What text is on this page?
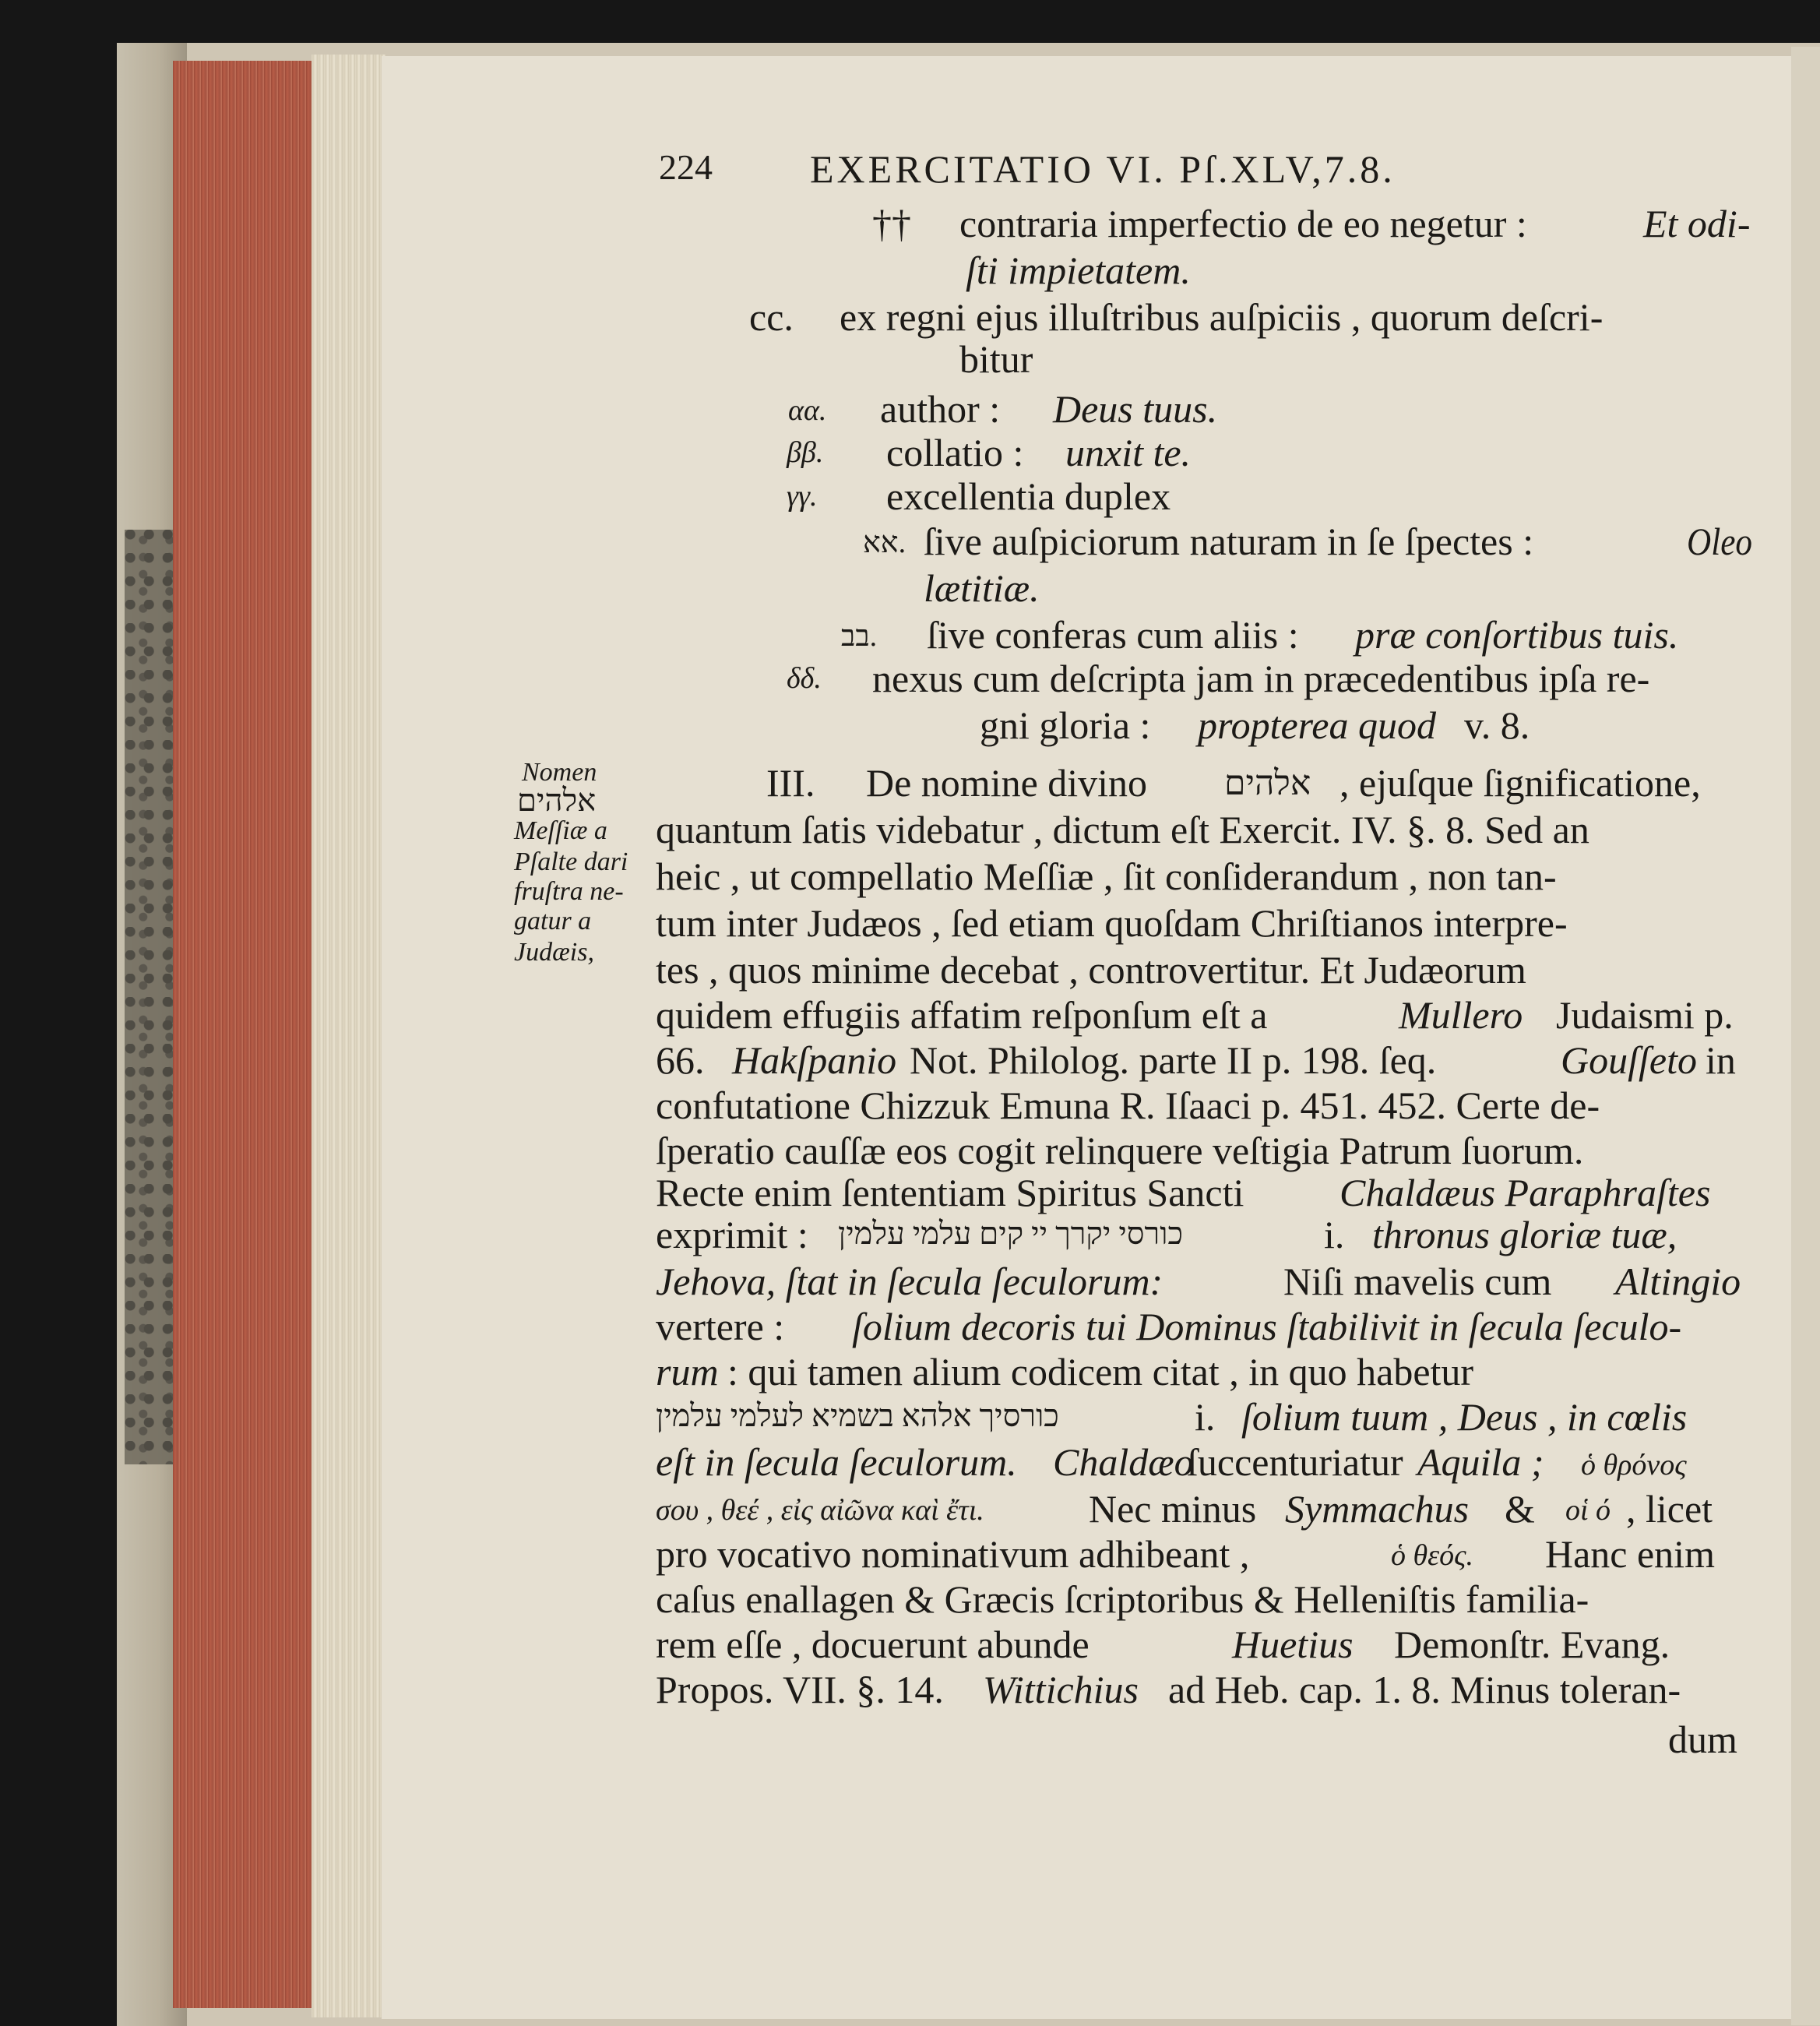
224	EXERCITATIO VI. Pſ.XLV,7.8.
†† contraria imperfectio de eo negetur :	Et odi-
ſti impietatem.
cc. ex regni ejus illuſtribus auſpiciis , quorum deſcri-
bitur
αα. author : Deus tuus.
ββ. collatio : unxit te.
γγ. excellentia duplex
אא. ſive auſpiciorum naturam in ſe ſpectes :	Oleo
lætitiæ.
בב. ſive conferas cum aliis : præ conſortibus tuis.
δδ. nexus cum deſcripta jam in præcedentibus ipſa re-
gni gloria : propterea quod v. 8.
Nomen
אלהים
Meſſiæ a
Pſalte dari
fruſtra ne-
gatur a
Judæis,
III. De nomine divino אלהים , ejuſque ſignificatione,
quantum ſatis videbatur , dictum eſt Exercit. IV. §. 8. Sed an
heic , ut compellatio Meſſiæ , ſit conſiderandum , non tan-
tum inter Judæos , ſed etiam quoſdam Chriſtianos interpre-
tes , quos minime decebat , controvertitur. Et Judæorum
quidem effugiis affatim reſponſum eſt a	Mullero Judaismi p.
66. Hakſpanio Not. Philolog. parte II p. 198. ſeq.	Gouſſeto in
confutatione Chizzuk Emuna R. Iſaaci p. 451. 452. Certe de-
ſperatio cauſſæ eos cogit relinquere veſtigia Patrum ſuorum.
Recte enim ſententiam Spiritus Sancti Chaldæus Paraphraſtes
exprimit : כורסי יקרך יי קים עלמי עלמין	i. thronus gloriæ tuæ,
Jehova, ſtat in ſecula ſeculorum:	Niſi mavelis cum Altingio
vertere : ſolium decoris tui Dominus ſtabilivit in ſecula ſeculo-
rum : qui tamen alium codicem citat , in quo habetur
כורסיך אלהא בשמיא לעלמי עלמין	i. ſolium tuum , Deus , in cœlis
eſt in ſecula ſeculorum. Chaldæo
ſuccenturiatur Aquila ; ὁ θρόνος
σου , θεέ , εἰς αἰῶνα καὶ ἔτι.	Nec minus Symmachus & οἱ ό , licet
pro vocativo nominativum adhibeant ,	ὁ θεός. Hanc enim
caſus enallagen & Græcis ſcriptoribus & Helleniſtis familia-
rem eſſe , docuerunt abunde	Huetius Demonſtr. Evang.
Propos. VII. §. 14. Wittichius ad Heb. cap. 1. 8. Minus toleran-
dum
